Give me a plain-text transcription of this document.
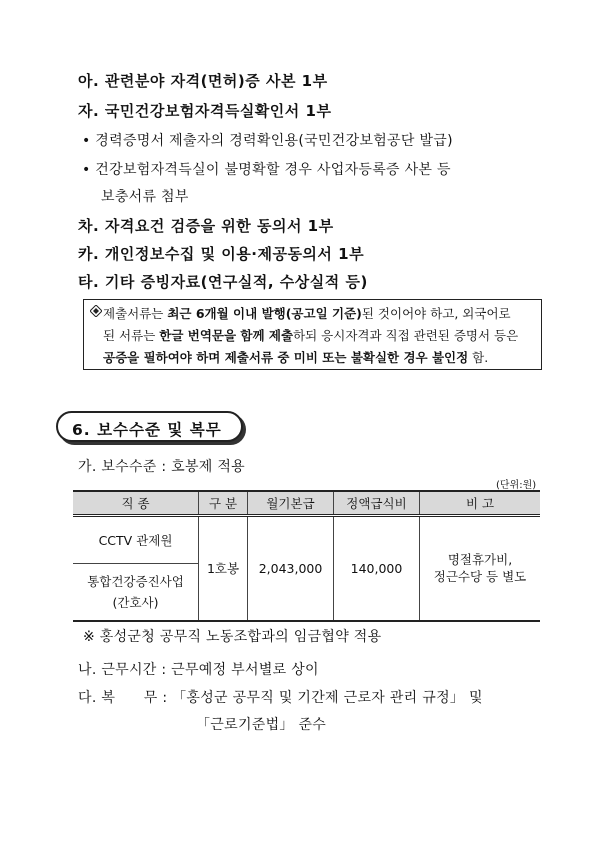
아. 관련분야 자격(면허)증 사본 1부
자. 국민건강보험자격득실확인서 1부
• 경력증명서 제출자의 경력확인용(국민건강보험공단 발급)
• 건강보험자격득실이 불명확할 경우 사업자등록증 사본 등
보충서류 첨부
차. 자격요건 검증을 위한 동의서 1부
카. 개인정보수집 및 이용·제공동의서 1부
타. 기타 증빙자료(연구실적, 수상실적 등)
제출서류는 최근 6개월 이내 발행(공고일 기준)된 것이어야 하고, 외국어로
된 서류는 한글 번역문을 함께 제출하되 응시자격과 직접 관련된 증명서 등은
공증을 필하여야 하며 제출서류 중 미비 또는 불확실한 경우 불인정 함.
6. 보수수준 및 복무
가. 보수수준 : 호봉제 적용
(단위:원)
직 종	구 분	월기본급	정액급식비	비 고
CCTV 관제원	1호봉	2,043,000	140,000	명절휴가비,
정근수당 등 별도
통합건강증진사업
(간호사)				
※ 홍성군청 공무직 노동조합과의 임금협약 적용
나. 근무시간 : 근무예정 부서별로 상이
다. 복　　무 : 「홍성군 공무직 및 기간제 근로자 관리 규정」 및
「근로기준법」 준수
